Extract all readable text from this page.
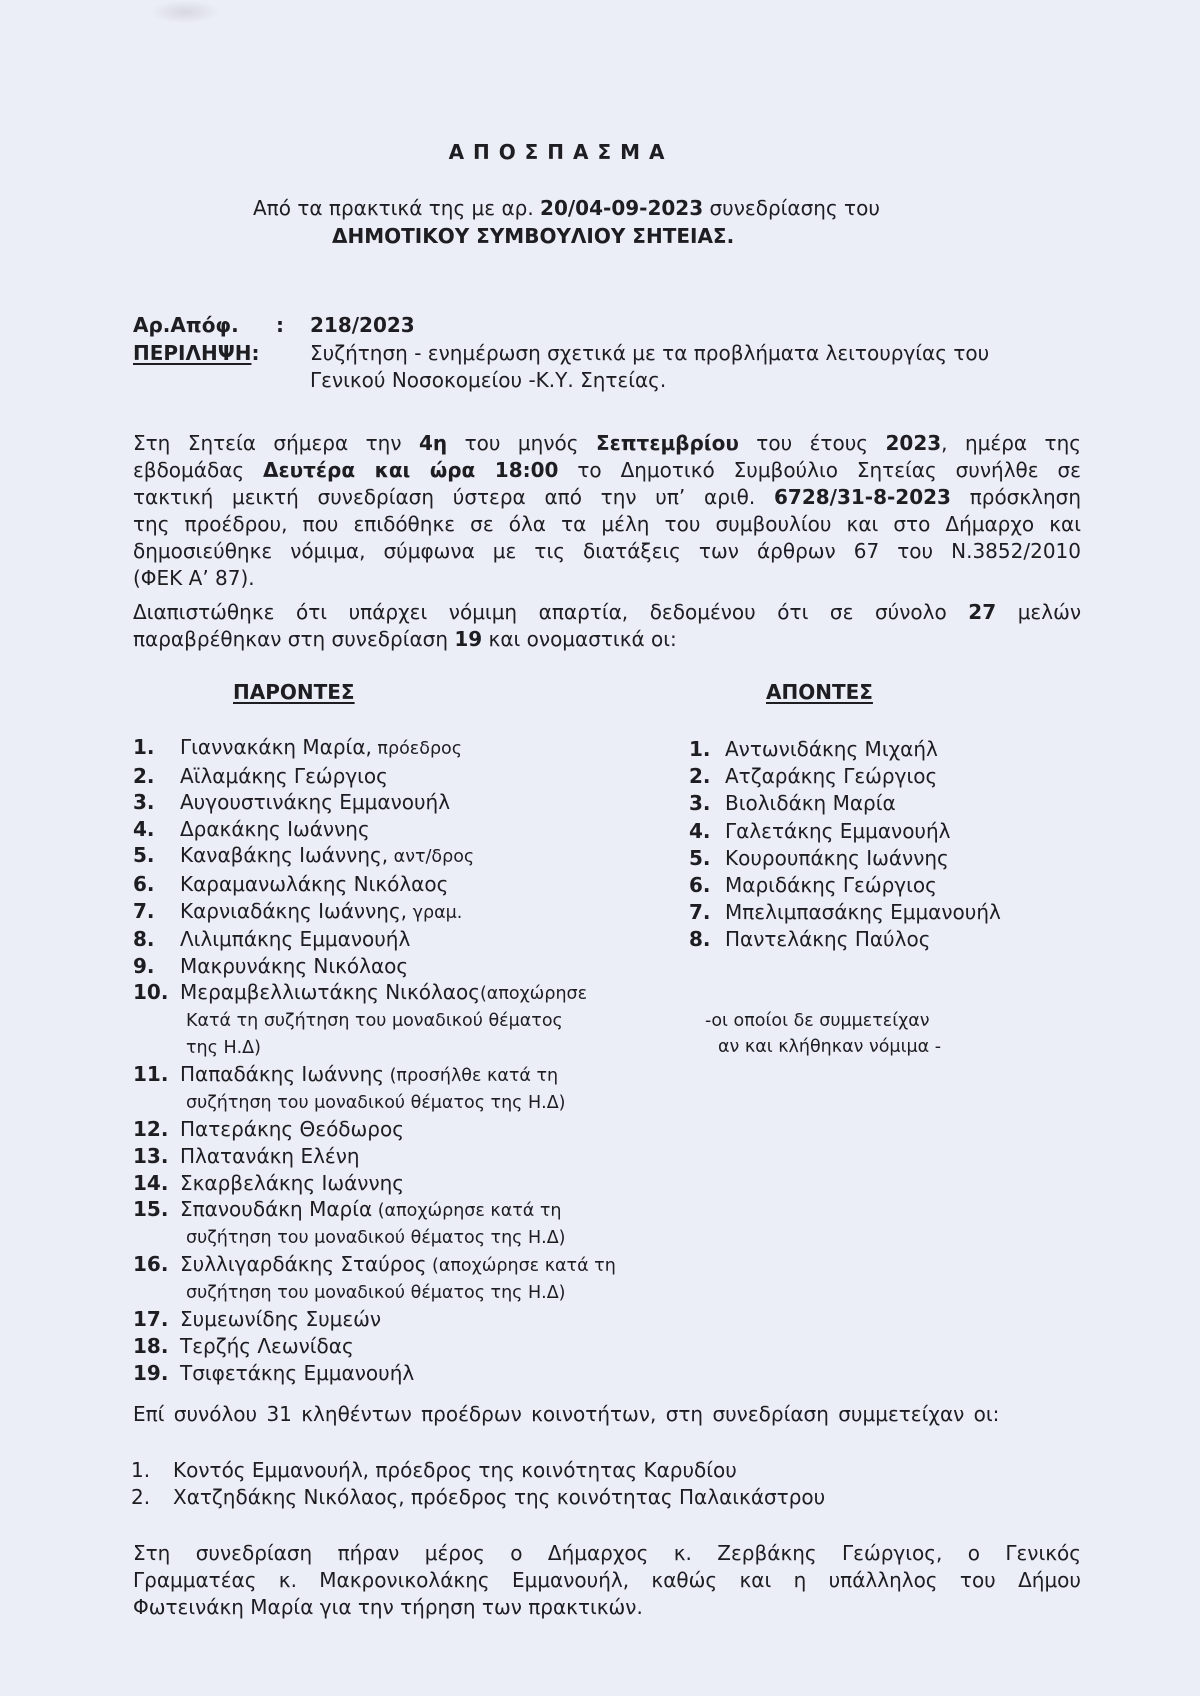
Α Π Ο Σ Π Α Σ Μ Α
Από τα πρακτικά της με αρ. 20/04-09-2023 συνεδρίασης του
ΔΗΜΟΤΙΚΟΥ ΣΥΜΒΟΥΛΙΟΥ ΣΗΤΕΙΑΣ.
Αρ.Απόφ. : 218/2023
ΠΕΡΙΛΗΨΗ:	Συζήτηση - ενημέρωση σχετικά με τα προβλήματα λειτουργίας του
Γενικού Νοσοκομείου -Κ.Υ. Σητείας.
Στη Σητεία σήμερα την 4η του μηνός Σεπτεμβρίου του έτους 2023, ημέρα της
εβδομάδας Δευτέρα και ώρα 18:00 το Δημοτικό Συμβούλιο Σητείας συνήλθε σε
τακτική μεικτή συνεδρίαση ύστερα από την υπ’ αριθ. 6728/31-8-2023 πρόσκληση
της προέδρου, που επιδόθηκε σε όλα τα μέλη του συμβουλίου και στο Δήμαρχο και
δημοσιεύθηκε νόμιμα, σύμφωνα με τις διατάξεις των άρθρων 67 του Ν.3852/2010
(ΦΕΚ Α’ 87).
Διαπιστώθηκε ότι υπάρχει νόμιμη απαρτία, δεδομένου ότι σε σύνολο 27 μελών
παραβρέθηκαν στη συνεδρίαση 19 και ονομαστικά οι:
ΠΑΡΟΝΤΕΣ	ΑΠΟΝΤΕΣ
1. Γιαννακάκη Μαρία, πρόεδρος
2. Αϊλαμάκης Γεώργιος
3. Αυγουστινάκης Εμμανουήλ
4. Δρακάκης Ιωάννης
5. Καναβάκης Ιωάννης, αντ/δρος
6. Καραμανωλάκης Νικόλαος
7. Καρνιαδάκης Ιωάννης, γραμ.
8. Λιλιμπάκης Εμμανουήλ
9. Μακρυνάκης Νικόλαος
10. Μεραμβελλιωτάκης Νικόλαος(αποχώρησε
Κατά τη συζήτηση του μοναδικού θέματος
της Η.Δ)
11. Παπαδάκης Ιωάννης (προσήλθε κατά τη
συζήτηση του μοναδικού θέματος της Η.Δ)
12. Πατεράκης Θεόδωρος
13. Πλατανάκη Ελένη
14. Σκαρβελάκης Ιωάννης
15. Σπανουδάκη Μαρία (αποχώρησε κατά τη
συζήτηση του μοναδικού θέματος της Η.Δ)
16. Συλλιγαρδάκης Σταύρος (αποχώρησε κατά τη
συζήτηση του μοναδικού θέματος της Η.Δ)
17. Συμεωνίδης Συμεών
18. Τερζής Λεωνίδας
19. Τσιφετάκης Εμμανουήλ
1. Αντωνιδάκης Μιχαήλ
2. Ατζαράκης Γεώργιος
3. Βιολιδάκη Μαρία
4. Γαλετάκης Εμμανουήλ
5. Κουρουπάκης Ιωάννης
6. Μαριδάκης Γεώργιος
7. Μπελιμπασάκης Εμμανουήλ
8. Παντελάκης Παύλος
-οι οποίοι δε συμμετείχαν
αν και κλήθηκαν νόμιμα -
Επί συνόλου 31 κληθέντων προέδρων κοινοτήτων, στη συνεδρίαση συμμετείχαν οι:
1. Κοντός Εμμανουήλ, πρόεδρος της κοινότητας Καρυδίου
2. Χατζηδάκης Νικόλαος, πρόεδρος της κοινότητας Παλαικάστρου
Στη συνεδρίαση πήραν μέρος ο Δήμαρχος κ. Ζερβάκης Γεώργιος, ο Γενικός
Γραμματέας κ. Μακρονικολάκης Εμμανουήλ, καθώς και η υπάλληλος του Δήμου
Φωτεινάκη Μαρία για την τήρηση των πρακτικών.
